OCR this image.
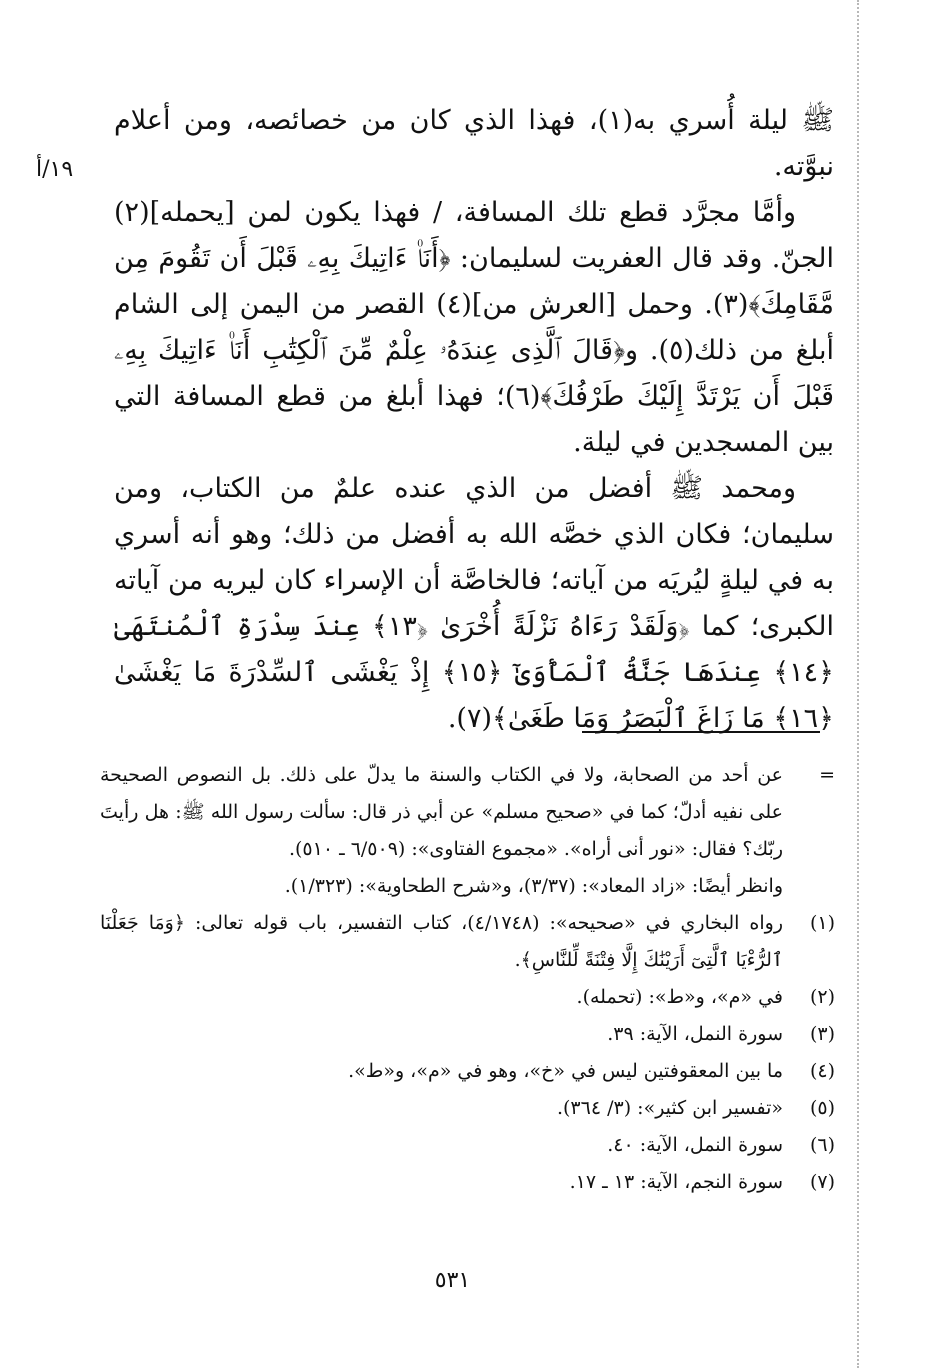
١٩/أ

ﷺ ليلة أُسري به(١)، فهذا الذي كان من خصائصه، ومن أعلام نبوَّته.

وأمَّا مجرَّد قطع تلك المسافة، / فهذا يكون لمن [يحمله](٢) الجنّ. وقد قال العفريت لسليمان: ﴿أَنَا۠ ءَاتِيكَ بِهِۦ قَبْلَ أَن تَقُومَ مِن مَّقَامِكَ﴾(٣). وحمل [العرش من](٤) القصر من اليمن إلى الشام أبلغ من ذلك(٥). و﴿قَالَ ٱلَّذِى عِندَهُۥ عِلْمٌ مِّنَ ٱلْكِتَٰبِ أَنَا۠ ءَاتِيكَ بِهِۦ قَبْلَ أَن يَرْتَدَّ إِلَيْكَ طَرْفُكَ﴾(٦)؛ فهذا أبلغ من قطع المسافة التي بين المسجدين في ليلة.

ومحمد ﷺ أفضل من الذي عنده علمٌ من الكتاب، ومن سليمان؛ فكان الذي خصَّه الله به أفضل من ذلك؛ وهو أنه أسري به في ليلةٍ ليُريَه من آياته؛ فالخاصَّة أن الإسراء كان ليريه من آياته الكبرى؛ كما ﴿وَلَقَدْ رَءَاهُ نَزْلَةً أُخْرَىٰ ﴿١٣﴾ عِندَ سِدْرَةِ ٱلْمُنتَهَىٰ ﴿١٤﴾ عِندَهَا جَنَّةُ ٱلْمَأْوَىٰٓ ﴿١٥﴾ إِذْ يَغْشَى ٱلسِّدْرَةَ مَا يَغْشَىٰ ﴿١٦﴾ مَا زَاغَ ٱلْبَصَرُ وَمَا طَغَىٰ﴾(٧).

=
عن أحد من الصحابة، ولا في الكتاب والسنة ما يدلّ على ذلك. بل النصوص الصحيحة على نفيه أدلّ؛ كما في «صحيح مسلم» عن أبي ذر قال: سألت رسول الله ﷺ: هل رأيتَ ربّك؟ فقال: «نور أنى أراه». «مجموع الفتاوى»: (٦/٥٠٩ ـ ٥١٠).
وانظر أيضًا: «زاد المعاد»: (٣/٣٧)، و«شرح الطحاوية»: (١/٣٢٣).
(١)
رواه البخاري في «صحيحه»: (٤/١٧٤٨)، كتاب التفسير، باب قوله تعالى: ﴿وَمَا جَعَلْنَا ٱلرُّءْيَا ٱلَّتِىٓ أَرَيْنَٰكَ إِلَّا فِتْنَةً لِّلنَّاسِ﴾.
(٢)
في «م»، و«ط»: (تحمله).
(٣)
سورة النمل، الآية: ٣٩.
(٤)
ما بين المعقوفتين ليس في «خ»، وهو في «م»، و«ط».
(٥)
«تفسير ابن كثير»: (٣/ ٣٦٤).
(٦)
سورة النمل، الآية: ٤٠.
(٧)
سورة النجم، الآية: ١٣ ـ ١٧.
٥٣١
